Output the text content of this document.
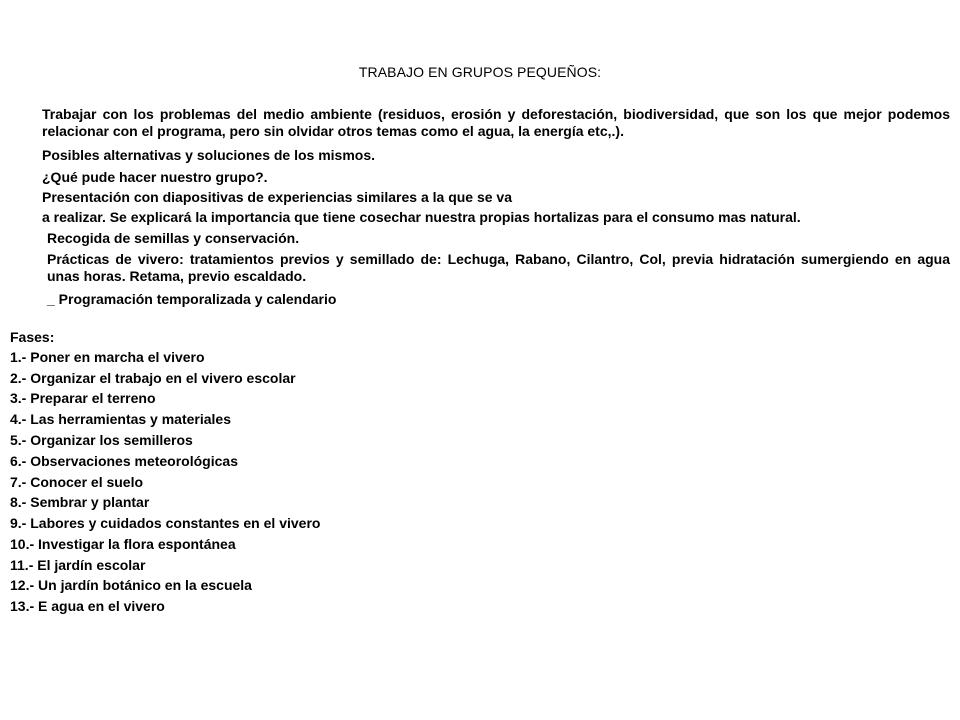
TRABAJO EN GRUPOS PEQUEÑOS:

Trabajar con los problemas del medio ambiente (residuos, erosión y deforestación, biodiversidad, que son los que mejor podemos relacionar con el programa, pero sin olvidar otros temas como el agua, la energía etc,.).

Posibles alternativas y soluciones de los mismos.

¿Qué pude hacer nuestro grupo?.

Presentación con diapositivas de experiencias similares a la que se va

a realizar. Se explicará la importancia que tiene cosechar nuestra propias hortalizas para el consumo mas natural.

Recogida de semillas y conservación.

Prácticas de vivero: tratamientos previos y semillado de: Lechuga, Rabano, Cilantro, Col, previa hidratación sumergiendo en agua unas horas. Retama, previo escaldado.

_ Programación temporalizada y calendario

Fases:
1.- Poner en marcha el vivero
2.- Organizar el trabajo en el vivero escolar
3.- Preparar el terreno
4.- Las herramientas y materiales
5.- Organizar los semilleros
6.- Observaciones meteorológicas
7.- Conocer el suelo
8.- Sembrar y plantar
9.- Labores y cuidados constantes en el vivero
10.- Investigar la flora espontánea
11.- El jardín escolar
12.- Un jardín botánico en la escuela
13.- E agua en el vivero
